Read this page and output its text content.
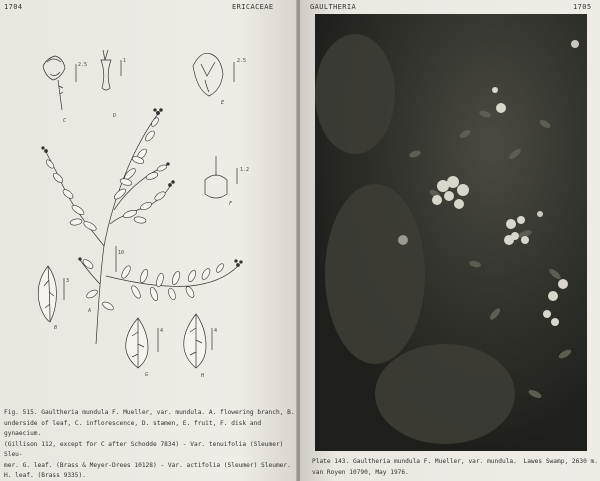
1704	ERICACEAE
C
D
E
F
A
B
G	H
2.5
1	2.5
1.2
10
3
4	4
Fig. 515. Gaultheria mundula F. Mueller, var. mundula. A. flowering branch, B.
underside of leaf, C. inflorescence, D. stamen, E. fruit, F. disk and gynaecium.
(Gillison 112, except for C after Schodde 7834) - Var. tenuifolia (Sleumer) Sleu-
mer. G. leaf. (Brass & Meyer-Drees 10128) - Var. actifolia (Sleumer) Sleumer.
H. leaf. (Brass 9335).
GAULTHERIA	1705
Plate 143. Gaultheria mundula F. Mueller, var. mundula. Lawes Swamp, 2630 m.
van Royen 10790, May 1976.
